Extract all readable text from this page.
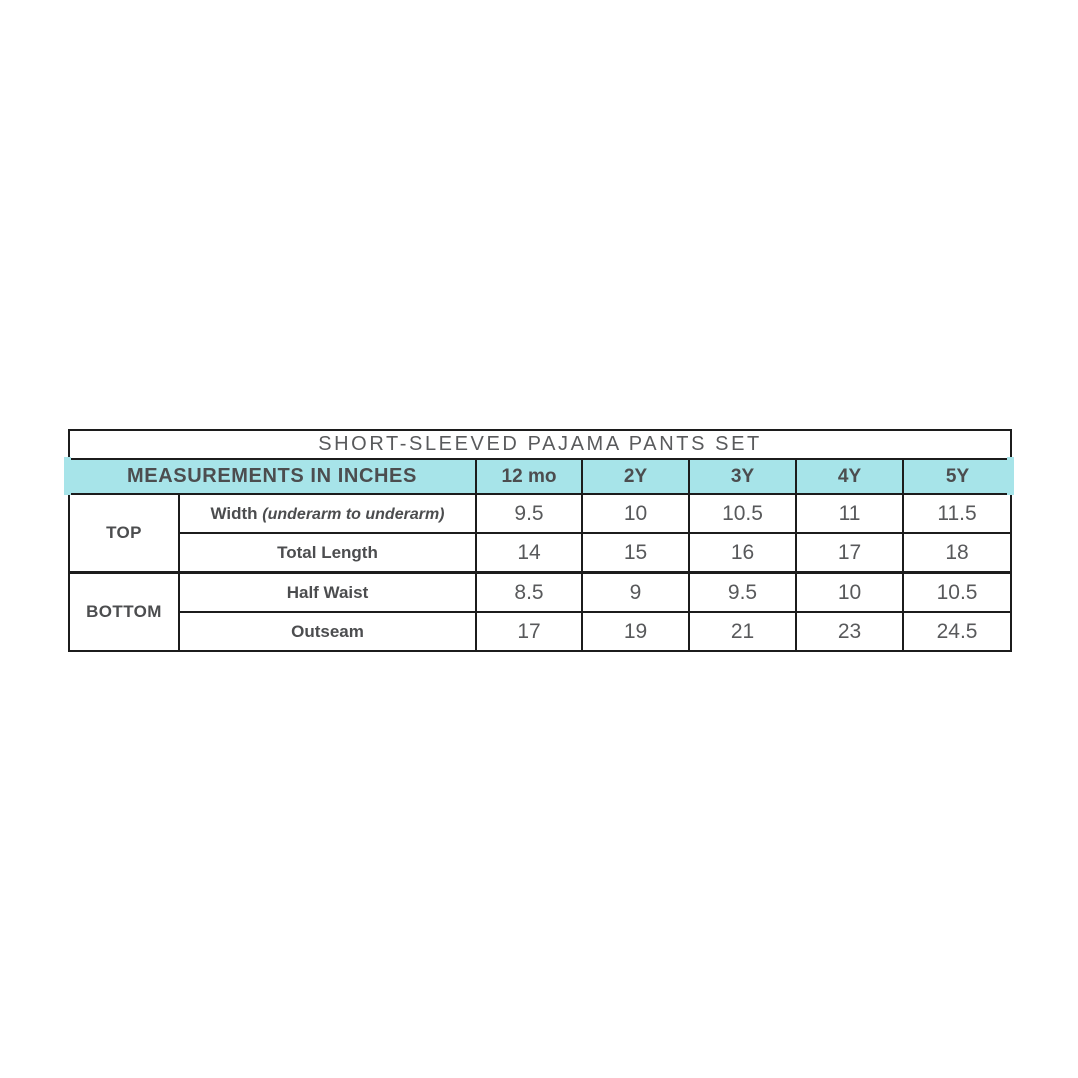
SHORT-SLEEVED PAJAMA PANTS SET						
MEASUREMENTS IN INCHES		12 mo	2Y	3Y	4Y	5Y
TOP	Width (underarm to underarm)	9.5	10	10.5	11	11.5
	Total Length	14	15	16	17	18
BOTTOM	Half Waist	8.5	9	9.5	10	10.5
	Outseam	17	19	21	23	24.5
